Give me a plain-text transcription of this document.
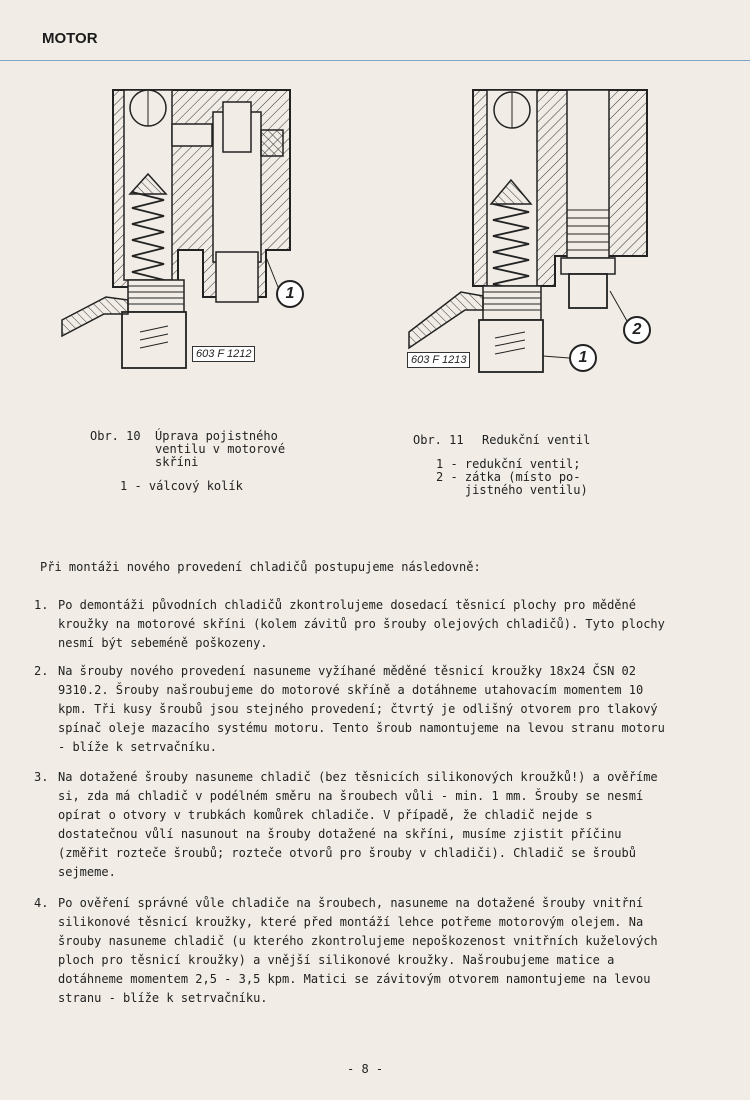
MOTOR
603 F 1212
1
603 F 1213	1
2
Obr. 10 Úprava pojistného
ventilu v motorové
skříni
1 - válcový kolík
Obr. 11 Redukční ventil
1 - redukční ventil;
2 - zátka (místo po-
jistného ventilu)
Při montáži nového provedení chladičů postupujeme následovně:
1. Po demontáži původních chladičů zkontrolujeme dosedací těsnicí plochy pro měděné kroužky na motorové skříni (kolem závitů pro šrouby olejových chladičů). Tyto plochy nesmí být sebeméně poškozeny.
2. Na šrouby nového provedení nasuneme vyžíhané měděné těsnicí kroužky 18x24 ČSN 02 9310.2. Šrouby našroubujeme do motorové skříně a dotáhneme utahovacím momentem 10 kpm. Tři kusy šroubů jsou stejného provedení; čtvrtý je odlišný otvorem pro tlakový spínač oleje mazacího systému motoru. Tento šroub namontujeme na levou stranu motoru - blíže k setrvačníku.
3. Na dotažené šrouby nasuneme chladič (bez těsnicích silikonových kroužků!) a ověříme si, zda má chladič v podélném směru na šroubech vůli - min. 1 mm. Šrouby se nesmí opírat o otvory v trubkách komůrek chladiče. V případě, že chladič nejde s dostatečnou vůlí nasunout na šrouby dotažené na skříni, musíme zjistit příčinu (změřit rozteče šroubů; rozteče otvorů pro šrouby v chladiči). Chladič se šroubů sejmeme.
4. Po ověření správné vůle chladiče na šroubech, nasuneme na dotažené šrouby vnitřní silikonové těsnicí kroužky, které před montáží lehce potřeme motorovým olejem. Na šrouby nasuneme chladič (u kterého zkontrolujeme nepoškozenost vnitřních kuželových ploch pro těsnicí kroužky) a vnější silikonové kroužky. Našroubujeme matice a dotáhneme momentem 2,5 - 3,5 kpm. Matici se závitovým otvorem namontujeme na levou stranu - blíže k setrvačníku.
- 8 -
